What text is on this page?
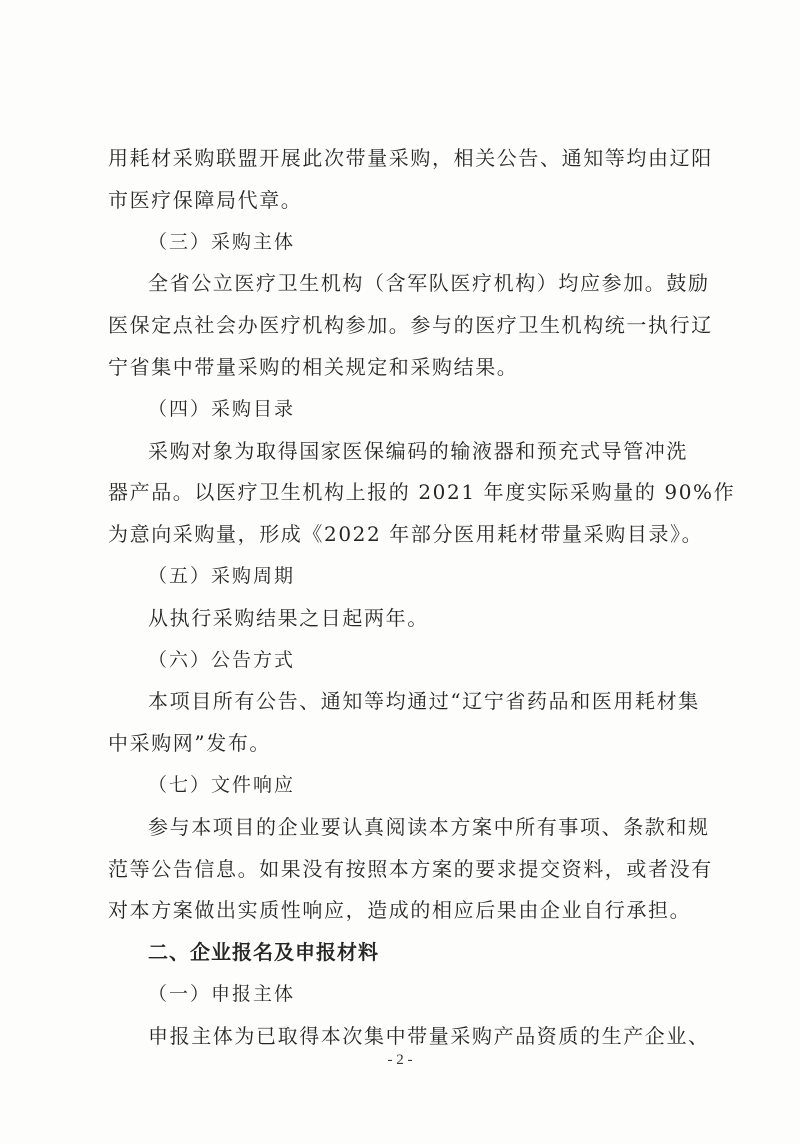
用耗材采购联盟开展此次带量采购，相关公告、通知等均由辽阳
市医疗保障局代章。
（三）采购主体
全省公立医疗卫生机构（含军队医疗机构）均应参加。鼓励
医保定点社会办医疗机构参加。参与的医疗卫生机构统一执行辽
宁省集中带量采购的相关规定和采购结果。
（四）采购目录
采购对象为取得国家医保编码的输液器和预充式导管冲洗
器产品。以医疗卫生机构上报的 2021 年度实际采购量的 90%作
为意向采购量，形成《2022 年部分医用耗材带量采购目录》。
（五）采购周期
从执行采购结果之日起两年。
（六）公告方式
本项目所有公告、通知等均通过“辽宁省药品和医用耗材集
中采购网”发布。
（七）文件响应
参与本项目的企业要认真阅读本方案中所有事项、条款和规
范等公告信息。如果没有按照本方案的要求提交资料，或者没有
对本方案做出实质性响应，造成的相应后果由企业自行承担。
二、企业报名及申报材料
（一）申报主体
申报主体为已取得本次集中带量采购产品资质的生产企业、
- 2 -
